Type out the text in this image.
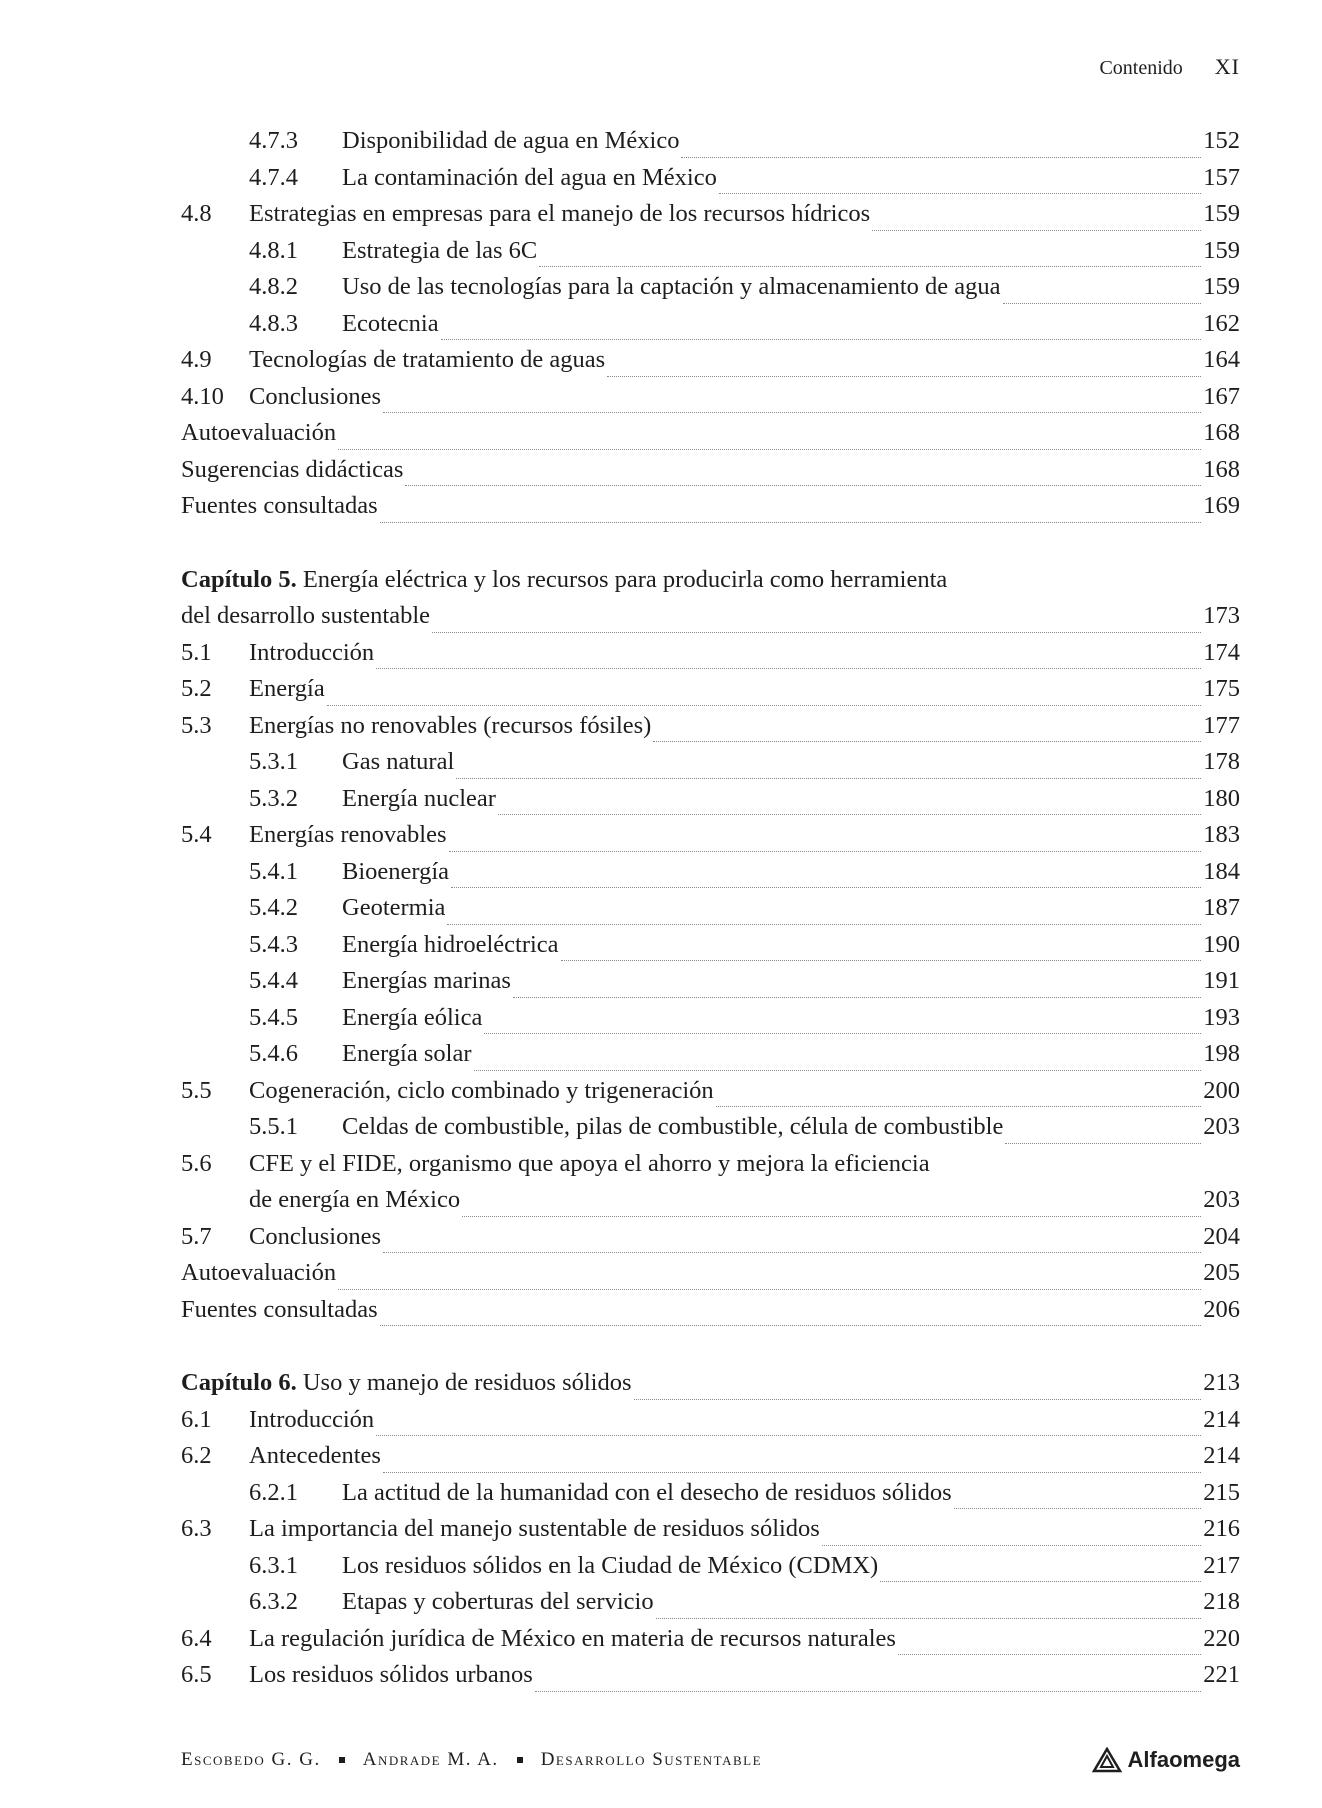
Contenido XI
4.7.3	Disponibilidad de agua en México	152
4.7.4	La contaminación del agua en México	157
4.8	Estrategias en empresas para el manejo de los recursos hídricos	159
4.8.1	Estrategia de las 6C	159
4.8.2	Uso de las tecnologías para la captación y almacenamiento de agua	159
4.8.3	Ecotecnia	162
4.9	Tecnologías de tratamiento de aguas	164
4.10	Conclusiones	167
Autoevaluación	168
Sugerencias didácticas	168
Fuentes consultadas	169
Capítulo 5. Energía eléctrica y los recursos para producirla como herramienta
del desarrollo sustentable	173
5.1	Introducción	174
5.2	Energía	175
5.3	Energías no renovables (recursos fósiles)	177
5.3.1	Gas natural	178
5.3.2	Energía nuclear	180
5.4	Energías renovables	183
5.4.1	Bioenergía	184
5.4.2	Geotermia	187
5.4.3	Energía hidroeléctrica	190
5.4.4	Energías marinas	191
5.4.5	Energía eólica	193
5.4.6	Energía solar	198
5.5	Cogeneración, ciclo combinado y trigeneración	200
5.5.1	Celdas de combustible, pilas de combustible, célula de combustible	203
5.6	CFE y el FIDE, organismo que apoya el ahorro y mejora la eficiencia
de energía en México	203
5.7	Conclusiones	204
Autoevaluación	205
Fuentes consultadas	206
Capítulo 6. Uso y manejo de residuos sólidos	213
6.1	Introducción	214
6.2	Antecedentes	214
6.2.1	La actitud de la humanidad con el desecho de residuos sólidos	215
6.3	La importancia del manejo sustentable de residuos sólidos	216
6.3.1	Los residuos sólidos en la Ciudad de México (CDMX)	217
6.3.2	Etapas y coberturas del servicio	218
6.4	La regulación jurídica de México en materia de recursos naturales	220
6.5	Los residuos sólidos urbanos	221
Escobedo G. G. Andrade M. A. Desarrollo Sustentable	Alfaomega
